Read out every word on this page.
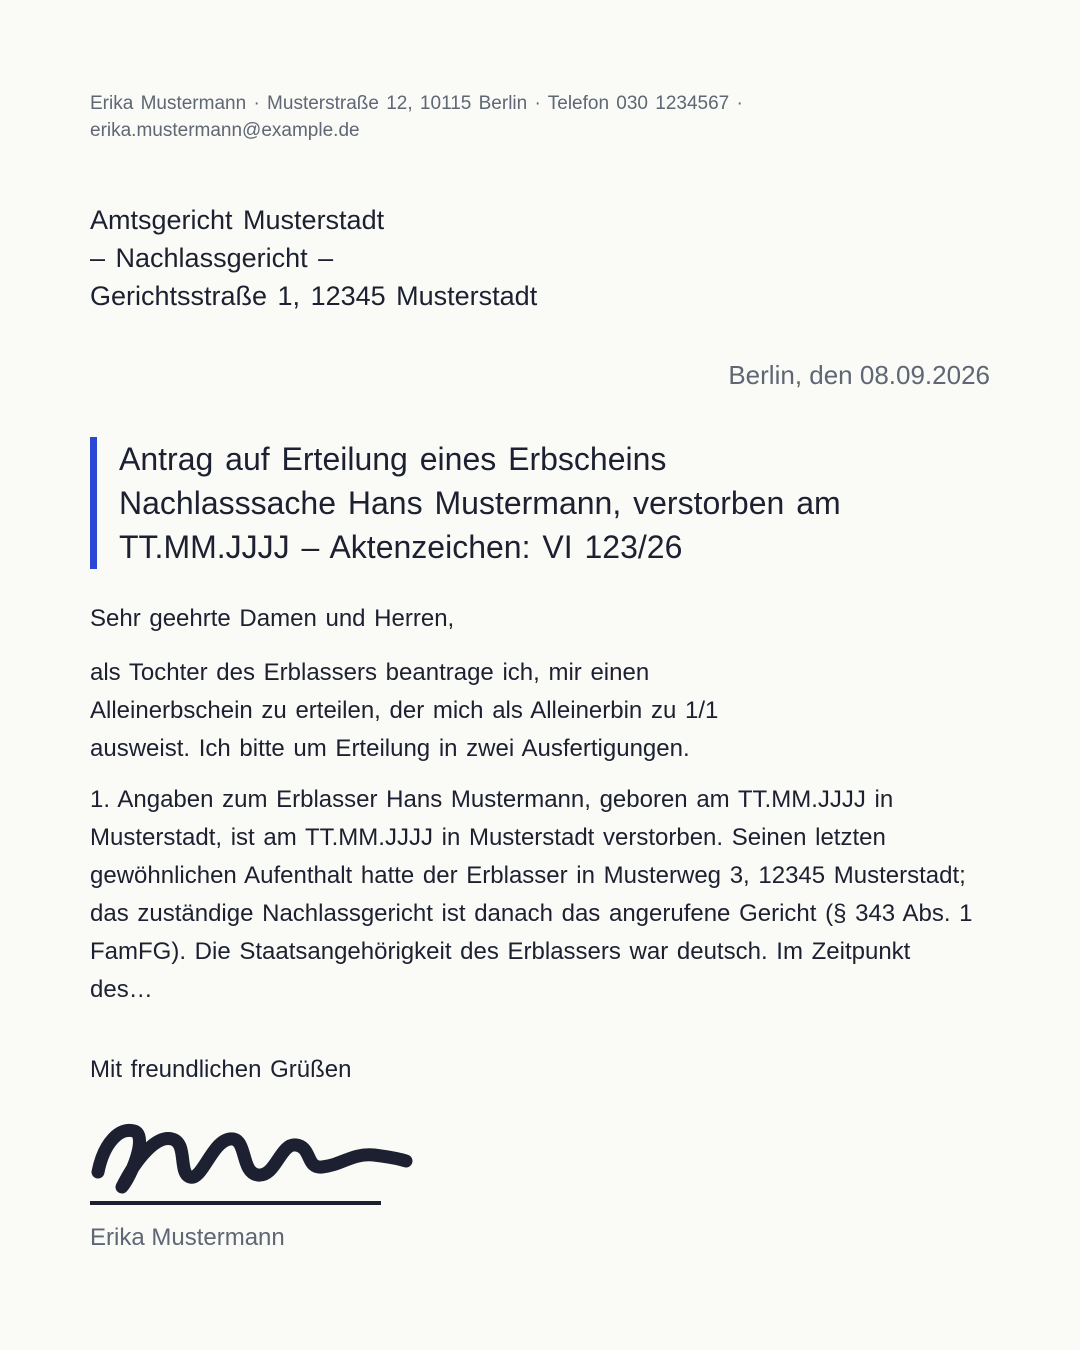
Erika Mustermann · Musterstraße 12, 10115 Berlin · Telefon 030 1234567 · erika.mustermann@example.de

Amtsgericht Musterstadt
– Nachlassgericht –
Gerichtsstraße 1, 12345 Musterstadt
Berlin, den 08.09.2026
Antrag auf Erteilung eines Erbscheins
Nachlasssache Hans Mustermann, verstorben am TT.MM.JJJJ – Aktenzeichen: VI 123/26
Sehr geehrte Damen und Herren,
als Tochter des Erblassers beantrage ich, mir einen Alleinerbschein zu erteilen, der mich als Alleinerbin zu 1/1 ausweist. Ich bitte um Erteilung in zwei Ausfertigungen.
1. Angaben zum Erblasser Hans Mustermann, geboren am TT.MM.JJJJ in Musterstadt, ist am TT.MM.JJJJ in Musterstadt verstorben. Seinen letzten gewöhnlichen Aufenthalt hatte der Erblasser in Musterweg 3, 12345 Musterstadt; das zuständige Nachlassgericht ist danach das angerufene Gericht (§ 343 Abs. 1 FamFG). Die Staatsangehörigkeit des Erblassers war deutsch. Im Zeitpunkt des…
Mit freundlichen Grüßen
Erika Mustermann
